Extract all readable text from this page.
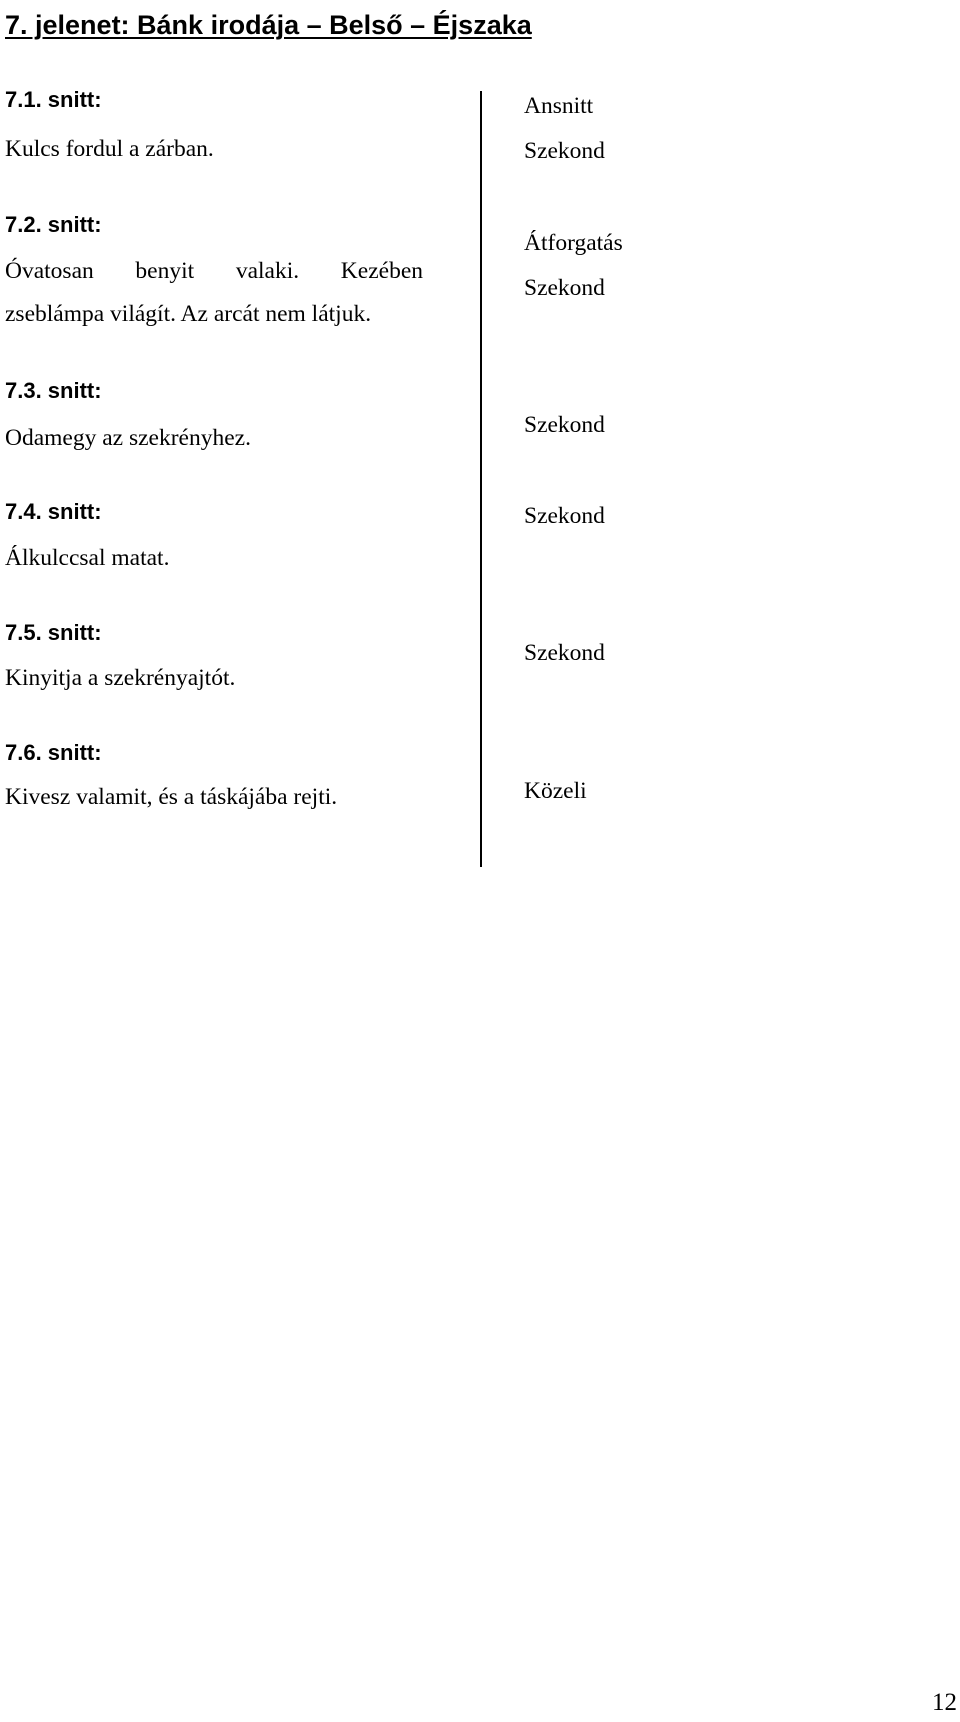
7. jelenet: Bánk irodája – Belső – Éjszaka
7.1. snitt:
Kulcs fordul a zárban.
Ansnitt
Szekond
7.2. snitt:
Óvatosan benyit valaki. Kezében
zseblámpa világít. Az arcát nem látjuk.
Átforgatás
Szekond
7.3. snitt:
Odamegy az szekrényhez.	Szekond
7.4. snitt:
Álkulccsal matat.
Szekond
7.5. snitt:
Kinyitja a szekrényajtót.
Szekond
7.6. snitt:
Kivesz valamit, és a táskájába rejti.	Közeli
12
